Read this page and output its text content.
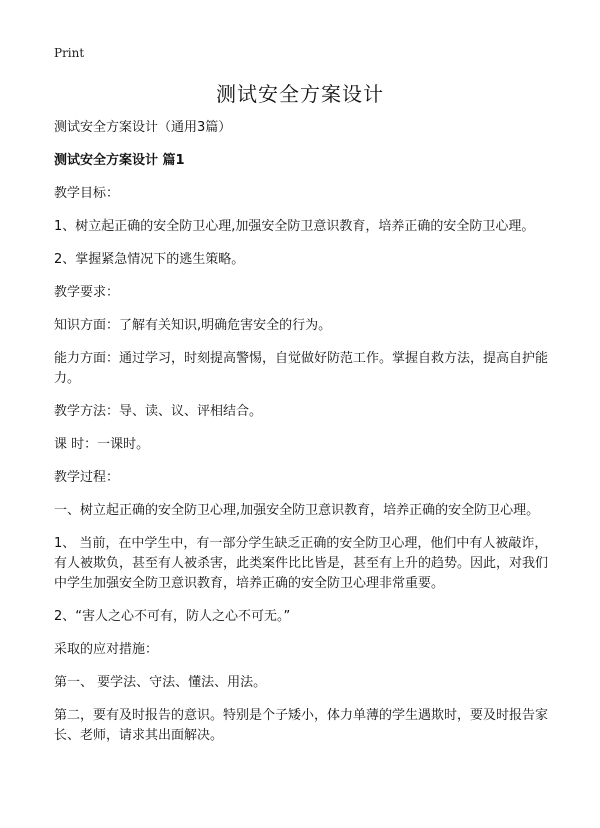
Print
测试安全方案设计

测试安全方案设计（通用3篇）

测试安全方案设计 篇1

教学目标：

1、树立起正确的安全防卫心理,加强安全防卫意识教育，培养正确的安全防卫心理。

2、掌握紧急情况下的逃生策略。

教学要求：

知识方面：了解有关知识,明确危害安全的行为。

能力方面：通过学习，时刻提高警惕，自觉做好防范工作。掌握自救方法，提高自护能力。

教学方法：导、读、议、评相结合。

课 时：一课时。

教学过程：

一、树立起正确的安全防卫心理,加强安全防卫意识教育，培养正确的安全防卫心理。

1、 当前，在中学生中，有一部分学生缺乏正确的安全防卫心理，他们中有人被敲诈，有人被欺负，甚至有人被杀害，此类案件比比皆是，甚至有上升的趋势。因此，对我们中学生加强安全防卫意识教育，培养正确的安全防卫心理非常重要。

2、“害人之心不可有，防人之心不可无。”

采取的应对措施：

第一、 要学法、守法、懂法、用法。

第二，要有及时报告的意识。特别是个子矮小，体力单薄的学生遇欺时，要及时报告家长、老师，请求其出面解决。
